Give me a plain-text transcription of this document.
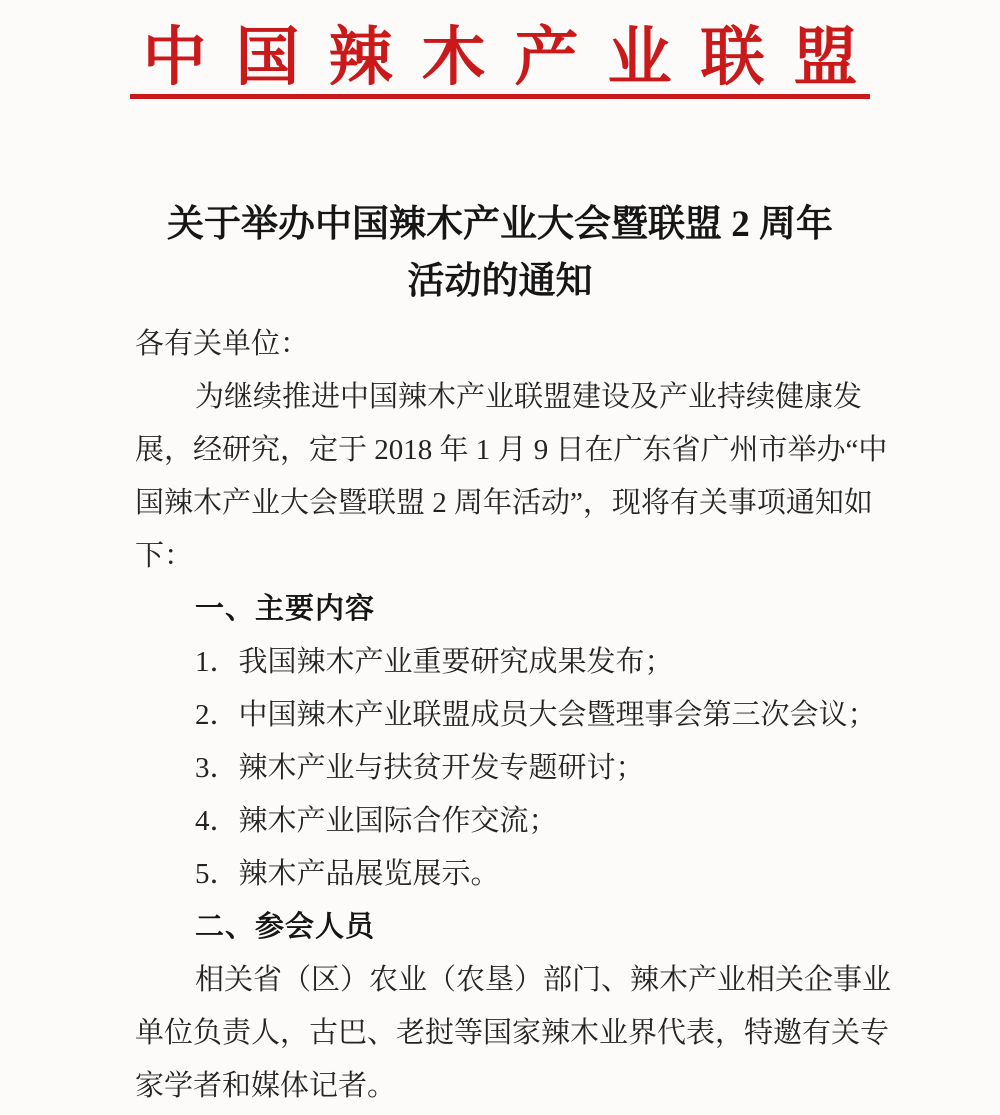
中国辣木产业联盟
关于举办中国辣木产业大会暨联盟 2 周年
活动的通知

各有关单位：

为继续推进中国辣木产业联盟建设及产业持续健康发

展，经研究，定于 2018 年 1 月 9 日在广东省广州市举办“中

国辣木产业大会暨联盟 2 周年活动”，现将有关事项通知如

下：

一、主要内容

1．我国辣木产业重要研究成果发布；

2．中国辣木产业联盟成员大会暨理事会第三次会议；

3．辣木产业与扶贫开发专题研讨；

4．辣木产业国际合作交流；

5．辣木产品展览展示。

二、参会人员

相关省（区）农业（农垦）部门、辣木产业相关企事业

单位负责人，古巴、老挝等国家辣木业界代表，特邀有关专

家学者和媒体记者。
